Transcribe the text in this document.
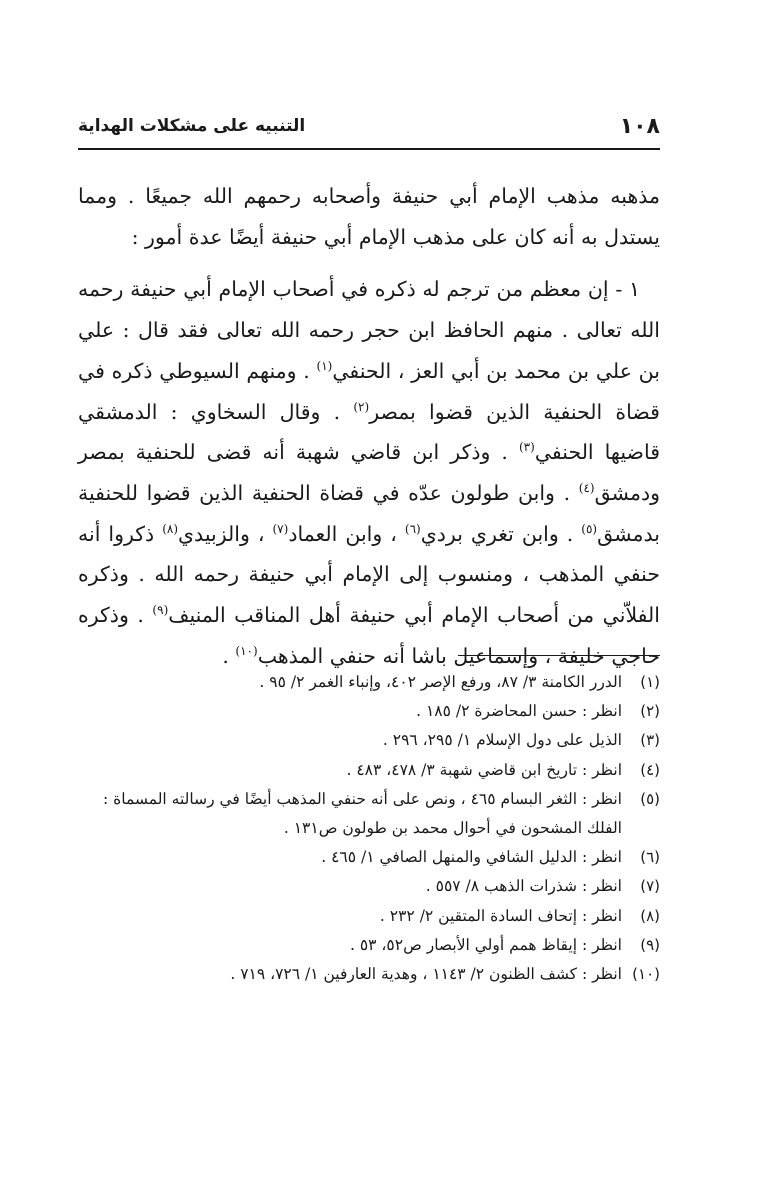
١٠٨
التنبيه على مشكلات الهداية

مذهبه مذهب الإمام أبي حنيفة وأصحابه رحمهم الله جميعًا . ومما يستدل به أنه كان على مذهب الإمام أبي حنيفة أيضًا عدة أمور :

١ - إن معظم من ترجم له ذكره في أصحاب الإمام أبي حنيفة رحمه الله تعالى . منهم الحافظ ابن حجر رحمه الله تعالى فقد قال : علي بن علي بن محمد بن أبي العز ، الحنفي$^{(١)}$ . ومنهم السيوطي ذكره في قضاة الحنفية الذين قضوا بمصر$^{(٢)}$ . وقال السخاوي : الدمشقي قاضيها الحنفي$^{(٣)}$ . وذكر ابن قاضي شهبة أنه قضى للحنفية بمصر ودمشق$^{(٤)}$ . وابن طولون عدّه في قضاة الحنفية الذين قضوا للحنفية بدمشق$^{(٥)}$ . وابن تغري بردي$^{(٦)}$ ، وابن العماد$^{(٧)}$ ، والزبيدي$^{(٨)}$ ذكروا أنه حنفي المذهب ، ومنسوب إلى الإمام أبي حنيفة رحمه الله . وذكره الفلاّني من أصحاب الإمام أبي حنيفة أهل المناقب المنيف$^{(٩)}$ . وذكره حاجي خليفة ، وإسماعيل باشا أنه حنفي المذهب$^{(١٠)}$ .

(١)
الدرر الكامنة ٣/ ٨٧، ورفع الإصر ٤٠٢، وإنباء الغمر ٢/ ٩٥ .
(٢)
انظر : حسن المحاضرة ٢/ ١٨٥ .
(٣)
الذيل على دول الإسلام ١/ ٢٩٥، ٢٩٦ .
(٤)
انظر : تاريخ ابن قاضي شهبة ٣/ ٤٧٨، ٤٨٣ .
(٥)
انظر : الثغر البسام ٤٦٥ ، ونص على أنه حنفي المذهب أيضًا في رسالته المسماة : الفلك المشحون في أحوال محمد بن طولون ص١٣١ .
(٦)
انظر : الدليل الشافي والمنهل الصافي ١/ ٤٦٥ .
(٧)
انظر : شذرات الذهب ٨/ ٥٥٧ .
(٨)
انظر : إتحاف السادة المتقين ٢/ ٢٣٢ .
(٩)
انظر : إيقاظ همم أولي الأبصار ص٥٢، ٥٣ .
(١٠)
انظر : كشف الظنون ٢/ ١١٤٣ ، وهدية العارفين ١/ ٧٢٦، ٧١٩ .
